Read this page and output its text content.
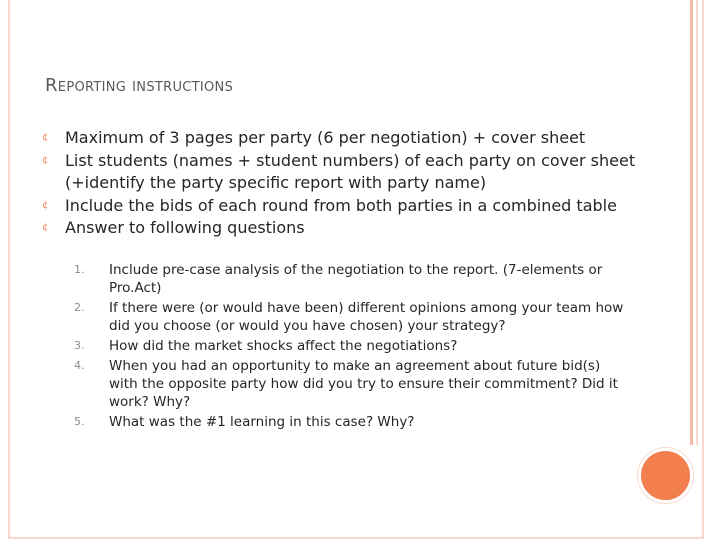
Reporting instructions
¢	Maximum of 3 pages per party (6 per negotiation) + cover sheet
¢	List students (names + student numbers) of each party on cover sheet (+identify the party specific report with party name)
¢	Include the bids of each round from both parties in a combined table
¢	Answer to following questions
1. Include pre-case analysis of the negotiation to the report. (7-elements or Pro.Act)
2. If there were (or would have been) different opinions among your team how did you choose (or would you have chosen) your strategy?
3. How did the market shocks affect the negotiations?
4. When you had an opportunity to make an agreement about future bid(s) with the opposite party how did you try to ensure their commitment? Did it work? Why?
5. What was the #1 learning in this case? Why?
